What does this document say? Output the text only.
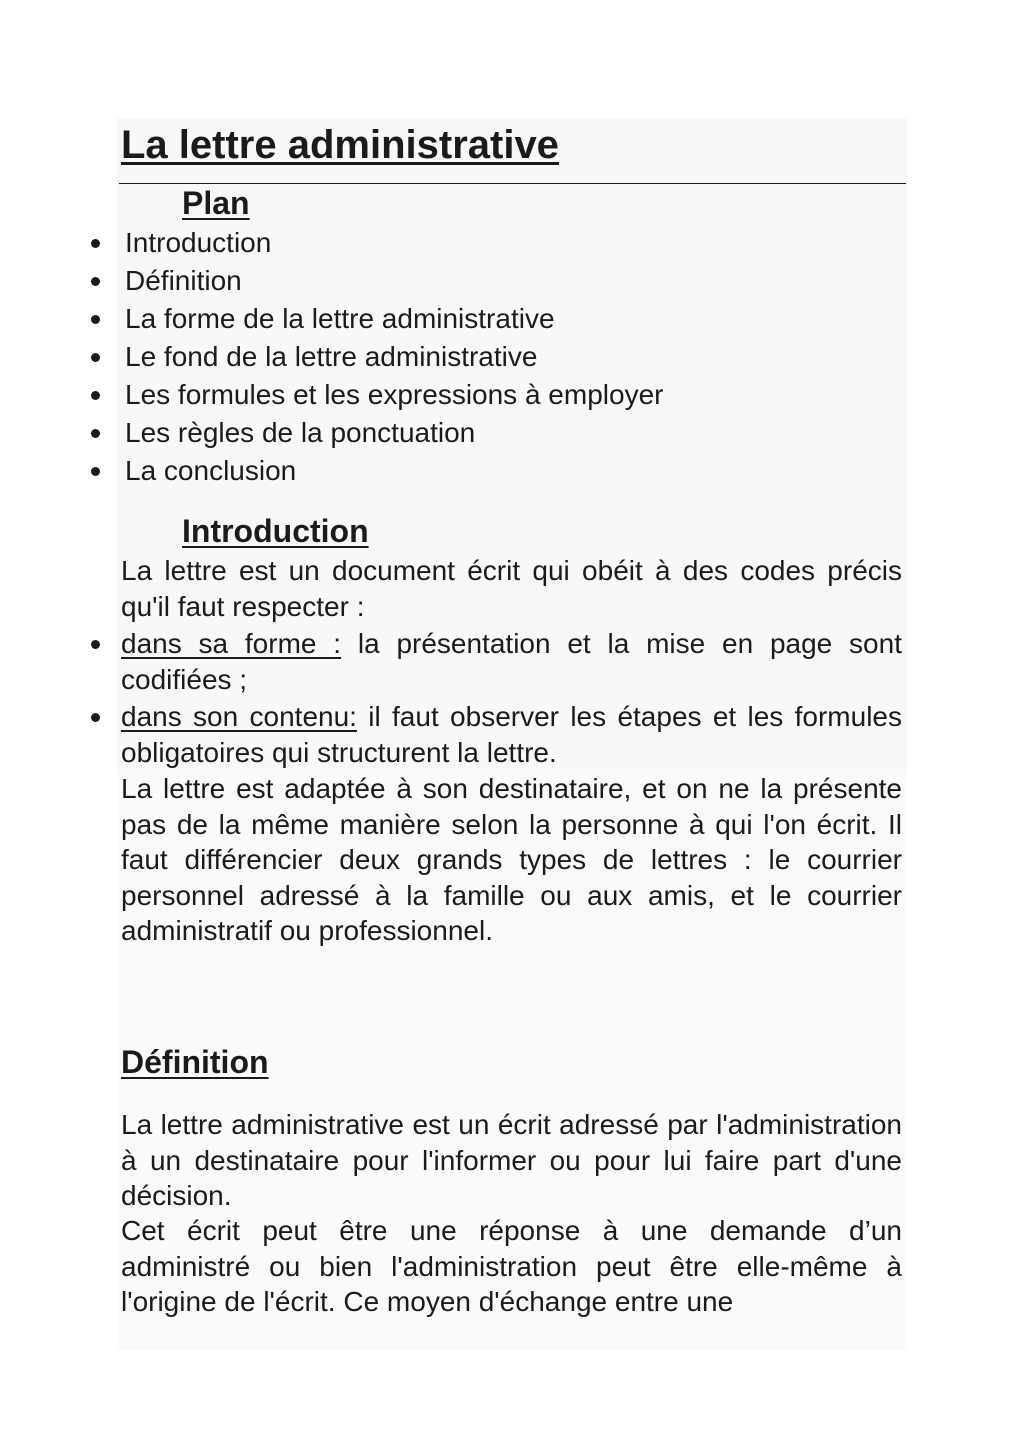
La lettre administrative
Plan
Introduction
Définition
La forme de la lettre administrative
Le fond de la lettre administrative
Les formules et les expressions à employer
Les règles de la ponctuation
La conclusion
Introduction

La lettre est un document écrit qui obéit à des codes précis qu'il faut respecter :

dans sa forme : la présentation et la mise en page sont codifiées ;

dans son contenu: il faut observer les étapes et les formules obligatoires qui structurent la lettre.

La lettre est adaptée à son destinataire, et on ne la présente pas de la même manière selon la personne à qui l'on écrit. Il faut différencier deux grands types de lettres : le courrier personnel adressé à la famille ou aux amis, et le courrier administratif ou professionnel.

Définition

La lettre administrative est un écrit adressé par l'administration à un destinataire pour l'informer ou pour lui faire part d'une décision.

Cet écrit peut être une réponse à une demande d’un administré ou bien l'administration peut être elle-même à l'origine de l'écrit. Ce moyen d'échange entre une
